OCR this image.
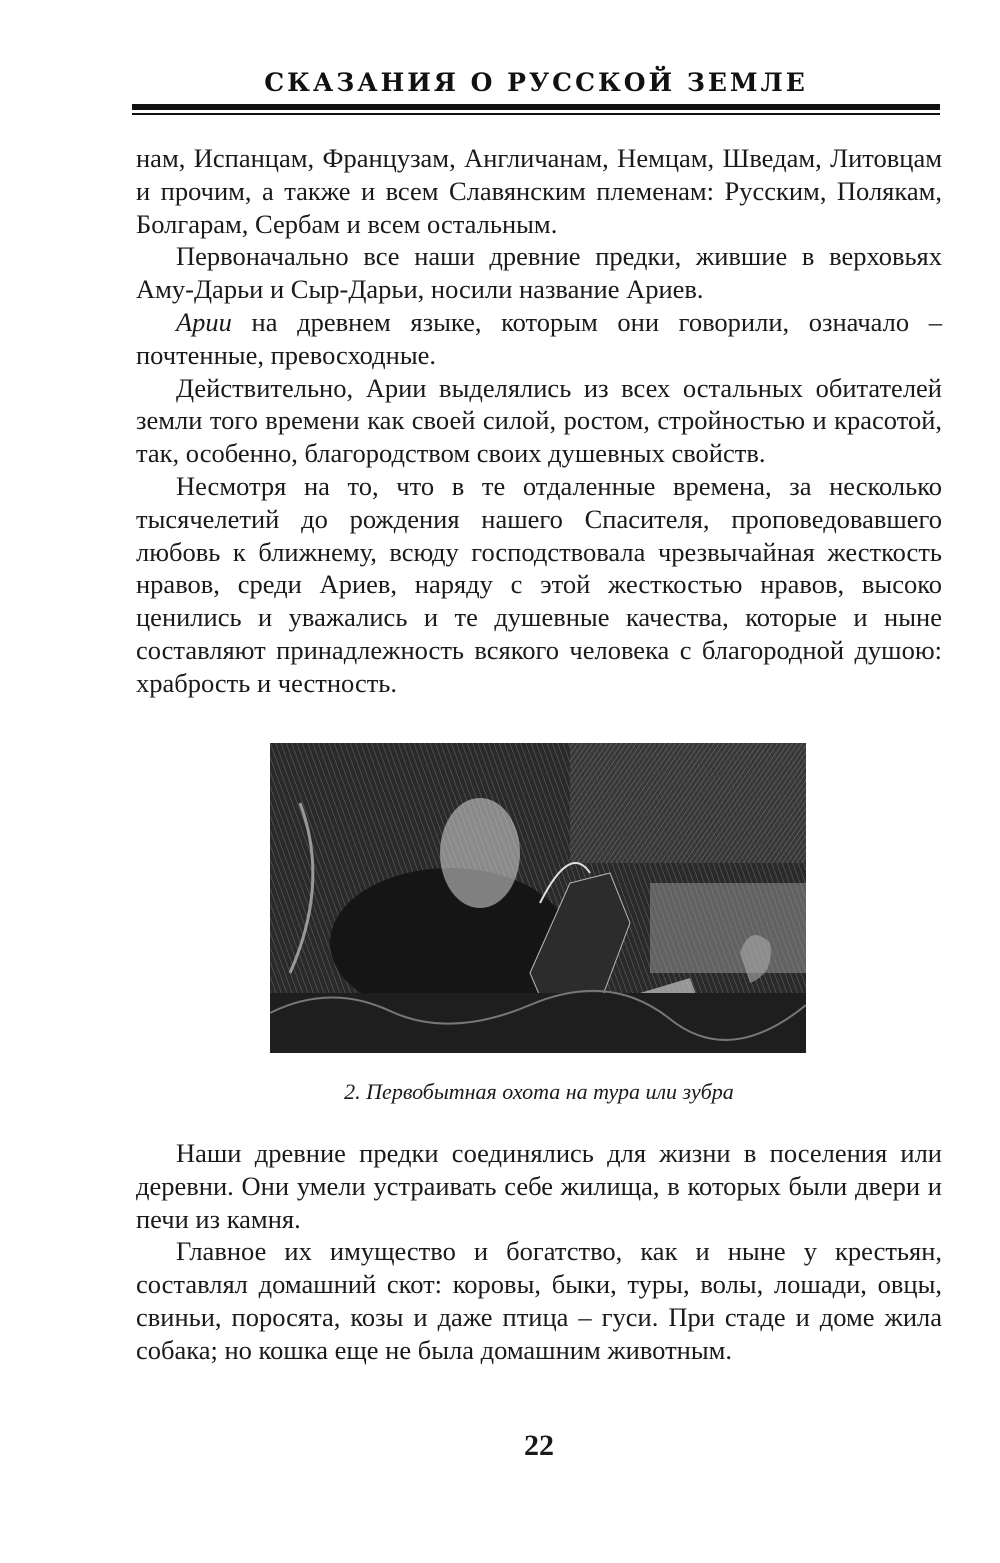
СКАЗАНИЯ О РУССКОЙ ЗЕМЛЕ

нам, Испанцам, Французам, Англичанам, Немцам, Шведам, Литовцам и прочим, а также и всем Славянским племенам: Русским, Полякам, Болгарам, Сербам и всем остальным.

Первоначально все наши древние предки, жившие в верховьях Аму-Дарьи и Сыр-Дарьи, носили название Ариев.

Арии на древнем языке, которым они говорили, означало – почтенные, превосходные.

Действительно, Арии выделялись из всех остальных обитателей земли того времени как своей силой, ростом, стройностью и красотой, так, особенно, благородством своих душевных свойств.

Несмотря на то, что в те отдаленные времена, за несколько тысячелетий до рождения нашего Спасителя, проповедовавшего любовь к ближнему, всюду господствовала чрезвычайная жесткость нравов, среди Ариев, наряду с этой жесткостью нравов, высоко ценились и уважались и те душевные качества, которые и ныне составляют принадлежность всякого человека с благородной душою: храбрость и честность.

2. Первобытная охота на тура или зубра

Наши древние предки соединялись для жизни в поселения или деревни. Они умели устраивать себе жилища, в которых были двери и печи из камня.

Главное их имущество и богатство, как и ныне у крестьян, составлял домашний скот: коровы, быки, туры, волы, лошади, овцы, свиньи, поросята, козы и даже птица – гуси. При стаде и доме жила собака; но кошка еще не была домашним животным.

22
